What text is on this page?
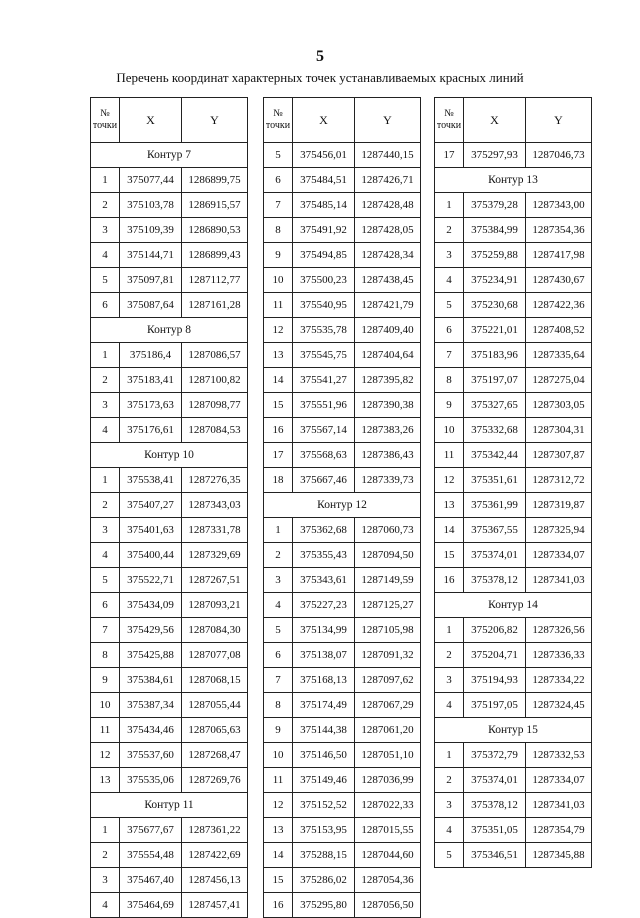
5
Перечень координат характерных точек устанавливаемых красных линий
№
точки	X	Y
Контур 7		
1	375077,44	1286899,75
2	375103,78	1286915,57
3	375109,39	1286890,53
4	375144,71	1286899,43
5	375097,81	1287112,77
6	375087,64	1287161,28
Контур 8		
1	375186,4	1287086,57
2	375183,41	1287100,82
3	375173,63	1287098,77
4	375176,61	1287084,53
Контур 10		
1	375538,41	1287276,35
2	375407,27	1287343,03
3	375401,63	1287331,78
4	375400,44	1287329,69
5	375522,71	1287267,51
6	375434,09	1287093,21
7	375429,56	1287084,30
8	375425,88	1287077,08
9	375384,61	1287068,15
10	375387,34	1287055,44
11	375434,46	1287065,63
12	375537,60	1287268,47
13	375535,06	1287269,76
Контур 11		
1	375677,67	1287361,22
2	375554,48	1287422,69
3	375467,40	1287456,13
4	375464,69	1287457,41
№
точки	X	Y
5	375456,01	1287440,15
6	375484,51	1287426,71
7	375485,14	1287428,48
8	375491,92	1287428,05
9	375494,85	1287428,34
10	375500,23	1287438,45
11	375540,95	1287421,79
12	375535,78	1287409,40
13	375545,75	1287404,64
14	375541,27	1287395,82
15	375551,96	1287390,38
16	375567,14	1287383,26
17	375568,63	1287386,43
18	375667,46	1287339,73
Контур 12		
1	375362,68	1287060,73
2	375355,43	1287094,50
3	375343,61	1287149,59
4	375227,23	1287125,27
5	375134,99	1287105,98
6	375138,07	1287091,32
7	375168,13	1287097,62
8	375174,49	1287067,29
9	375144,38	1287061,20
10	375146,50	1287051,10
11	375149,46	1287036,99
12	375152,52	1287022,33
13	375153,95	1287015,55
14	375288,15	1287044,60
15	375286,02	1287054,36
16	375295,80	1287056,50
№
точки	X	Y
17	375297,93	1287046,73
Контур 13		
1	375379,28	1287343,00
2	375384,99	1287354,36
3	375259,88	1287417,98
4	375234,91	1287430,67
5	375230,68	1287422,36
6	375221,01	1287408,52
7	375183,96	1287335,64
8	375197,07	1287275,04
9	375327,65	1287303,05
10	375332,68	1287304,31
11	375342,44	1287307,87
12	375351,61	1287312,72
13	375361,99	1287319,87
14	375367,55	1287325,94
15	375374,01	1287334,07
16	375378,12	1287341,03
Контур 14		
1	375206,82	1287326,56
2	375204,71	1287336,33
3	375194,93	1287334,22
4	375197,05	1287324,45
Контур 15		
1	375372,79	1287332,53
2	375374,01	1287334,07
3	375378,12	1287341,03
4	375351,05	1287354,79
5	375346,51	1287345,88
